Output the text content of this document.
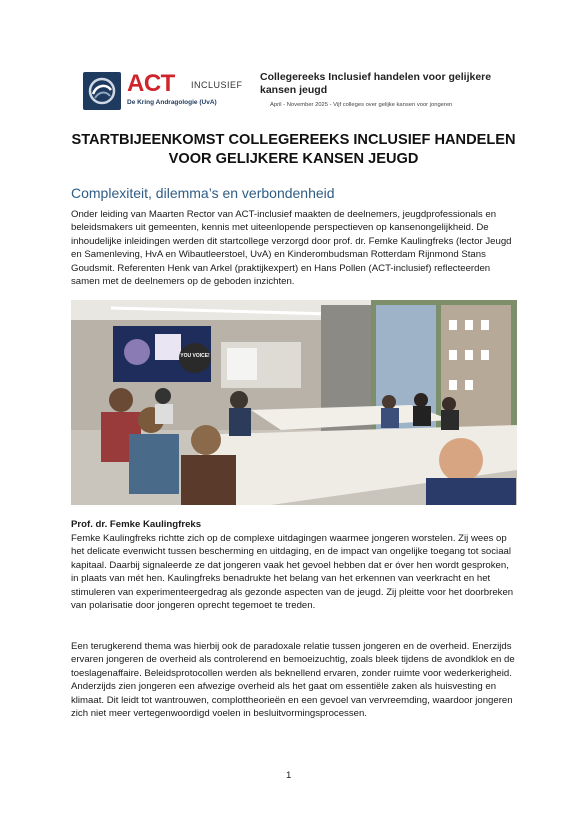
ACT INCLUSIEF
De Kring Andragologie (UvA)
Collegereeks Inclusief handelen voor gelijkere kansen jeugd
April - November 2025 - Vijf colleges over gelijke kansen voor jongeren
STARTBIJEENKOMST COLLEGEREEKS INCLUSIEF HANDELEN VOOR GELIJKERE KANSEN JEUGD
Complexiteit, dilemma’s en verbondenheid
Onder leiding van Maarten Rector van ACT-inclusief maakten de deelnemers, jeugdprofessionals en beleidsmakers uit gemeenten, kennis met uiteenlopende perspectieven op kansenongelijkheid. De inhoudelijke inleidingen werden dit startcollege verzorgd door prof. dr. Femke Kaulingfreks (lector Jeugd en Samenleving, HvA en Wibautleerstoel, UvA) en Kinderombudsman Rotterdam Rijnmond Stans Goudsmit. Referenten Henk van Arkel (praktijkexpert) en Hans Pollen (ACT-inclusief) reflecteerden samen met de deelnemers op de geboden inzichten.
YOU VOICE!
Prof. dr. Femke Kaulingfreks
Femke Kaulingfreks richtte zich op de complexe uitdagingen waarmee jongeren worstelen. Zij wees op het delicate evenwicht tussen bescherming en uitdaging, en de impact van ongelijke toegang tot sociaal kapitaal. Daarbij signaleerde ze dat jongeren vaak het gevoel hebben dat er óver hen wordt gesproken, in plaats van mét hen. Kaulingfreks benadrukte het belang van het erkennen van veerkracht en het stimuleren van experimenteergedrag als gezonde aspecten van de jeugd. Zij pleitte voor het doorbreken van polarisatie door jongeren oprecht tegemoet te treden.
Een terugkerend thema was hierbij ook de paradoxale relatie tussen jongeren en de overheid. Enerzijds ervaren jongeren de overheid als controlerend en bemoeizuchtig, zoals bleek tijdens de avondklok en de toeslagenaffaire. Beleidsprotocollen werden als beknellend ervaren, zonder ruimte voor wederkerigheid. Anderzijds zien jongeren een afwezige overheid als het gaat om essentiële zaken als huisvesting en klimaat. Dit leidt tot wantrouwen, complottheorieën en een gevoel van vervreemding, waardoor jongeren zich niet meer vertegenwoordigd voelen in besluitvormingsprocessen.
1
